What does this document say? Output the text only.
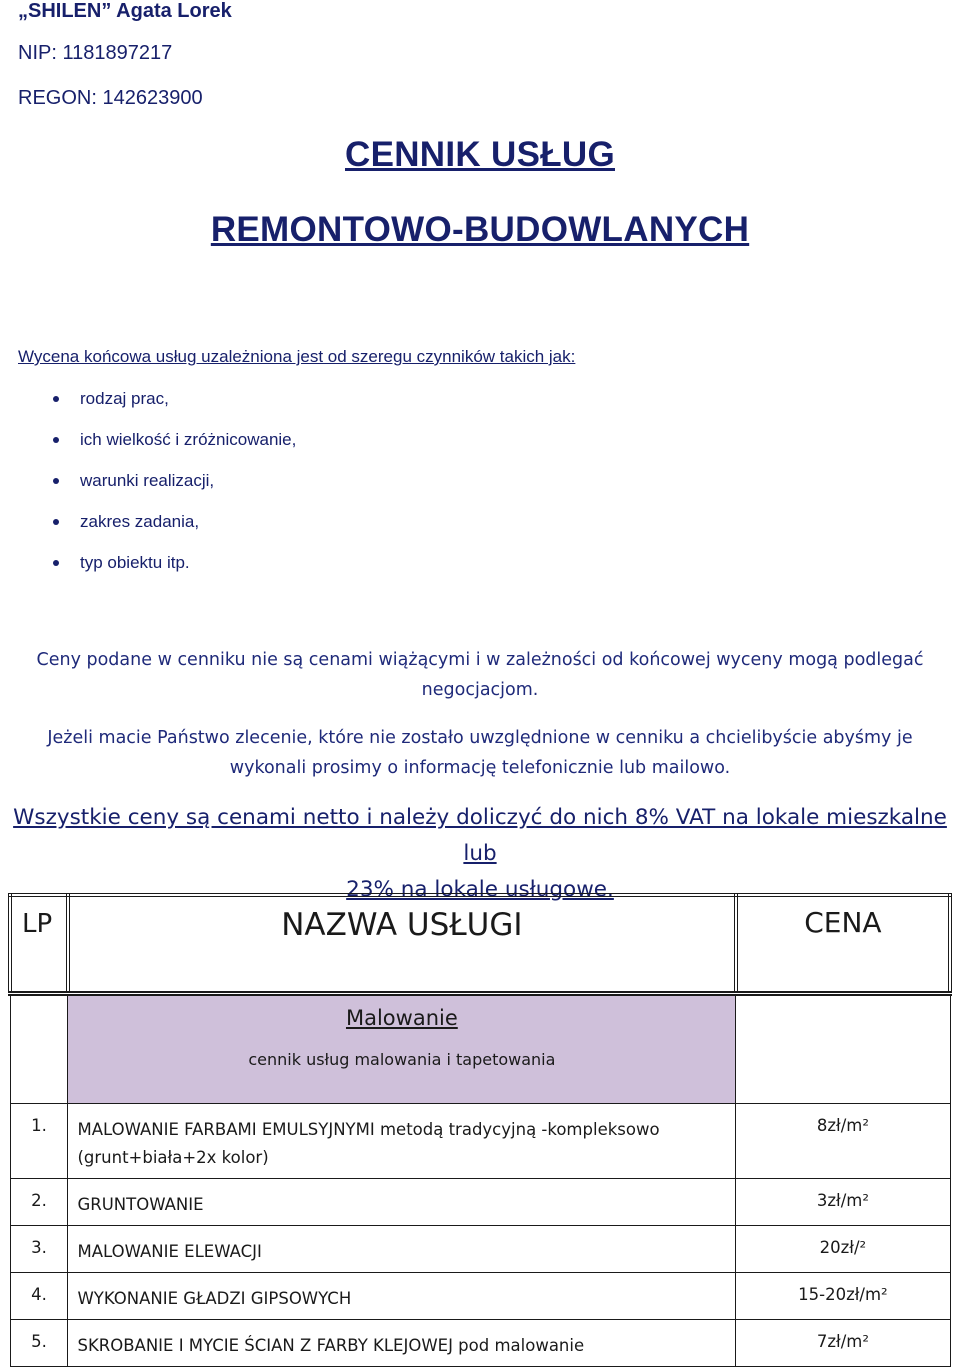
„SHILEN” Agata Lorek
NIP: 1181897217
REGON: 142623900
CENNIK USŁUG
REMONTOWO-BUDOWLANYCH
Wycena końcowa usług uzależniona jest od szeregu czynników takich jak:
rodzaj prac,
ich wielkość i zróżnicowanie,
warunki realizacji,
zakres zadania,
typ obiektu itp.
Ceny podane w cenniku nie są cenami wiążącymi i w zależności od końcowej wyceny mogą podlegać
negocjacjom.
Jeżeli macie Państwo zlecenie, które nie zostało uwzględnione w cenniku a chcielibyście abyśmy je
wykonali prosimy o informację telefonicznie lub mailowo.
Wszystkie ceny są cenami netto i należy doliczyć do nich 8% VAT na lokale mieszkalne lub
23% na lokale usługowe.
LP	NAZWA USŁUGI	CENA

	Malowanie
cennik usług malowania i tapetowania	

1.	MALOWANIE FARBAMI EMULSYJNYMI metodą tradycyjną -kompleksowo
(grunt+biała+2x kolor)	8zł/m²
2.	GRUNTOWANIE	3zł/m²
3.	MALOWANIE ELEWACJI	20zł/²
4.	WYKONANIE GŁADZI GIPSOWYCH	15-20zł/m²
5.	SKROBANIE I MYCIE ŚCIAN Z FARBY KLEJOWEJ pod malowanie	7zł/m²
